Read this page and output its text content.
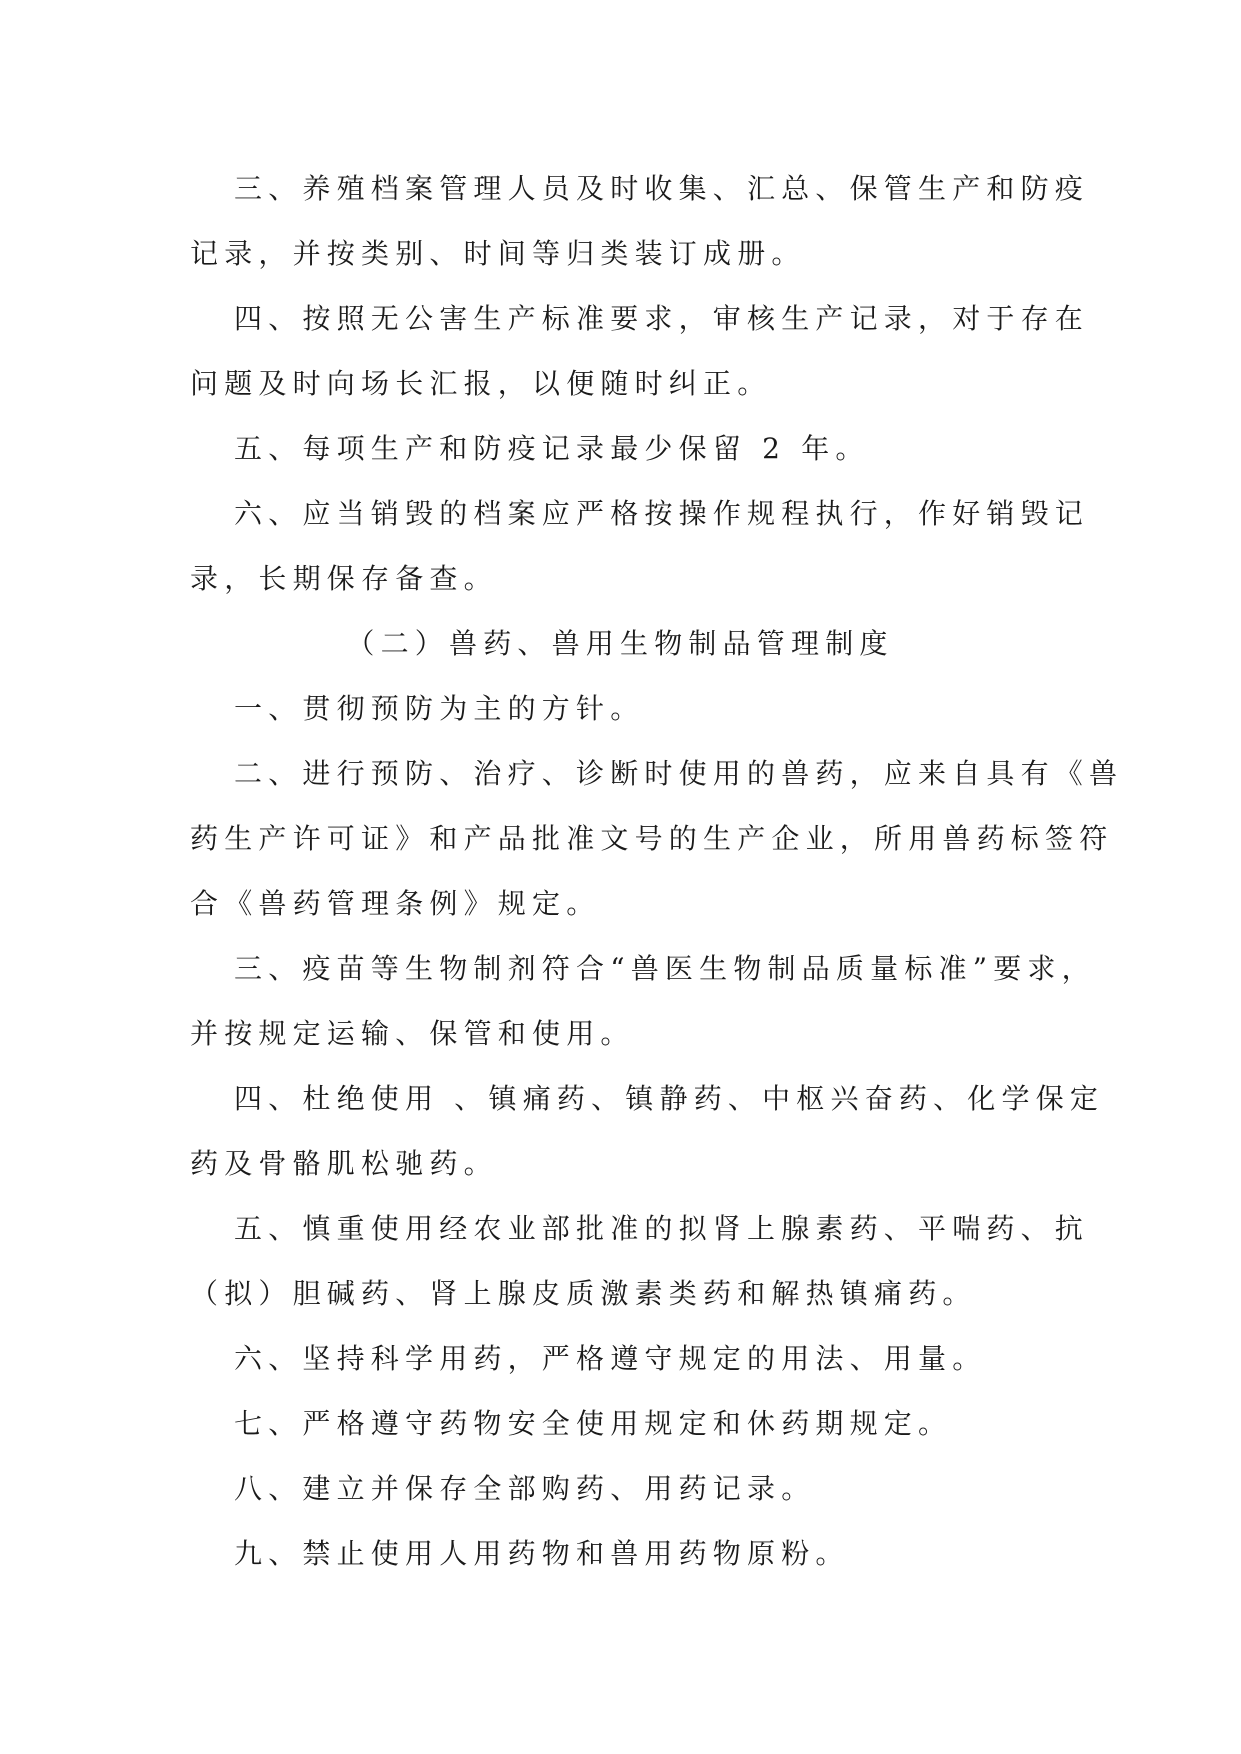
三、养殖档案管理人员及时收集、汇总、保管生产和防疫
记录，并按类别、时间等归类装订成册。
四、按照无公害生产标准要求，审核生产记录，对于存在
问题及时向场长汇报，以便随时纠正。
五、每项生产和防疫记录最少保留 2 年。
六、应当销毁的档案应严格按操作规程执行，作好销毁记
录，长期保存备查。
（二）兽药、兽用生物制品管理制度
一、贯彻预防为主的方针。
二、进行预防、治疗、诊断时使用的兽药，应来自具有《兽
药生产许可证》和产品批准文号的生产企业，所用兽药标签符
合《兽药管理条例》规定。
三、疫苗等生物制剂符合“兽医生物制品质量标准”要求，
并按规定运输、保管和使用。
四、杜绝使用 、镇痛药、镇静药、中枢兴奋药、化学保定
药及骨骼肌松驰药。
五、慎重使用经农业部批准的拟肾上腺素药、平喘药、抗
（拟）胆碱药、肾上腺皮质激素类药和解热镇痛药。
六、坚持科学用药，严格遵守规定的用法、用量。
七、严格遵守药物安全使用规定和休药期规定。
八、建立并保存全部购药、用药记录。
九、禁止使用人用药物和兽用药物原粉。
